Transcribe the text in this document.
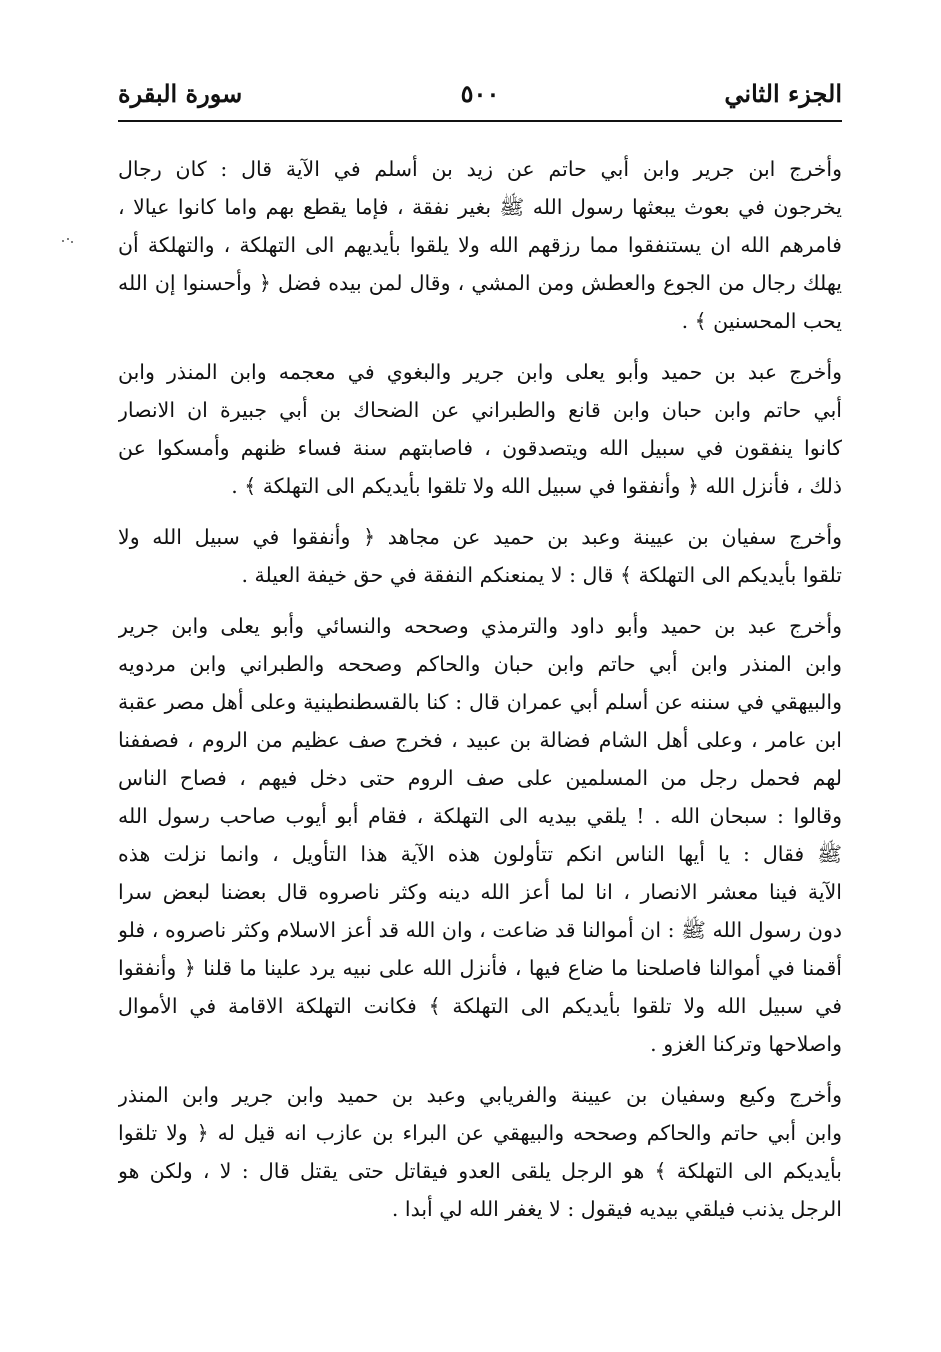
الجزء الثاني
٥٠٠
سورة البقرة
وأخرج ابن جرير وابن أبي حاتم عن زيد بن أسلم في الآية قال : كان رجال
يخرجون في بعوث يبعثها رسول الله ﷺ بغير نفقة ، فإما يقطع بهم واما كانوا عيالا ،
فامرهم الله ان يستنفقوا مما رزقهم الله ولا يلقوا بأيديهم الى التهلكة ، والتهلكة أن
يهلك رجال من الجوع والعطش ومن المشي ، وقال لمن بيده فضل ﴿ وأحسنوا إن الله
يحب المحسنين ﴾ .
وأخرج عبد بن حميد وأبو يعلى وابن جرير والبغوي في معجمه وابن المنذر وابن
أبي حاتم وابن حبان وابن قانع والطبراني عن الضحاك بن أبي جبيرة ان الانصار
كانوا ينفقون في سبيل الله ويتصدقون ، فاصابتهم سنة فساء ظنهم وأمسكوا عن
ذلك ، فأنزل الله ﴿ وأنفقوا في سبيل الله ولا تلقوا بأيديكم الى التهلكة ﴾ .
وأخرج سفيان بن عيينة وعبد بن حميد عن مجاهد ﴿ وأنفقوا في سبيل الله ولا
تلقوا بأيديكم الى التهلكة ﴾ قال : لا يمنعنكم النفقة في حق خيفة العيلة .
وأخرج عبد بن حميد وأبو داود والترمذي وصححه والنسائي وأبو يعلى وابن جرير
وابن المنذر وابن أبي حاتم وابن حبان والحاكم وصححه والطبراني وابن مردويه
والبيهقي في سننه عن أسلم أبي عمران قال : كنا بالقسطنطينية وعلى أهل مصر عقبة
ابن عامر ، وعلى أهل الشام فضالة بن عبيد ، فخرج صف عظيم من الروم ، فصففنا
لهم فحمل رجل من المسلمين على صف الروم حتى دخل فيهم ، فصاح الناس
وقالوا : سبحان الله . ! يلقي بيديه الى التهلكة ، فقام أبو أيوب صاحب رسول الله
ﷺ فقال : يا أيها الناس انكم تتأولون هذه الآية هذا التأويل ، وانما نزلت هذه
الآية فينا معشر الانصار ، انا لما أعز الله دينه وكثر ناصروه قال بعضنا لبعض سرا
دون رسول الله ﷺ : ان أموالنا قد ضاعت ، وان الله قد أعز الاسلام وكثر ناصروه ، فلو
أقمنا في أموالنا فاصلحنا ما ضاع فيها ، فأنزل الله على نبيه يرد علينا ما قلنا ﴿ وأنفقوا
في سبيل الله ولا تلقوا بأيديكم الى التهلكة ﴾ فكانت التهلكة الاقامة في الأموال
واصلاحها وتركنا الغزو .
وأخرج وكيع وسفيان بن عيينة والفريابي وعبد بن حميد وابن جرير وابن المنذر
وابن أبي حاتم والحاكم وصححه والبيهقي عن البراء بن عازب انه قيل له ﴿ ولا تلقوا
بأيديكم الى التهلكة ﴾ هو الرجل يلقى العدو فيقاتل حتى يقتل قال : لا ، ولكن هو
الرجل يذنب فيلقي بيديه فيقول : لا يغفر الله لي أبدا .
